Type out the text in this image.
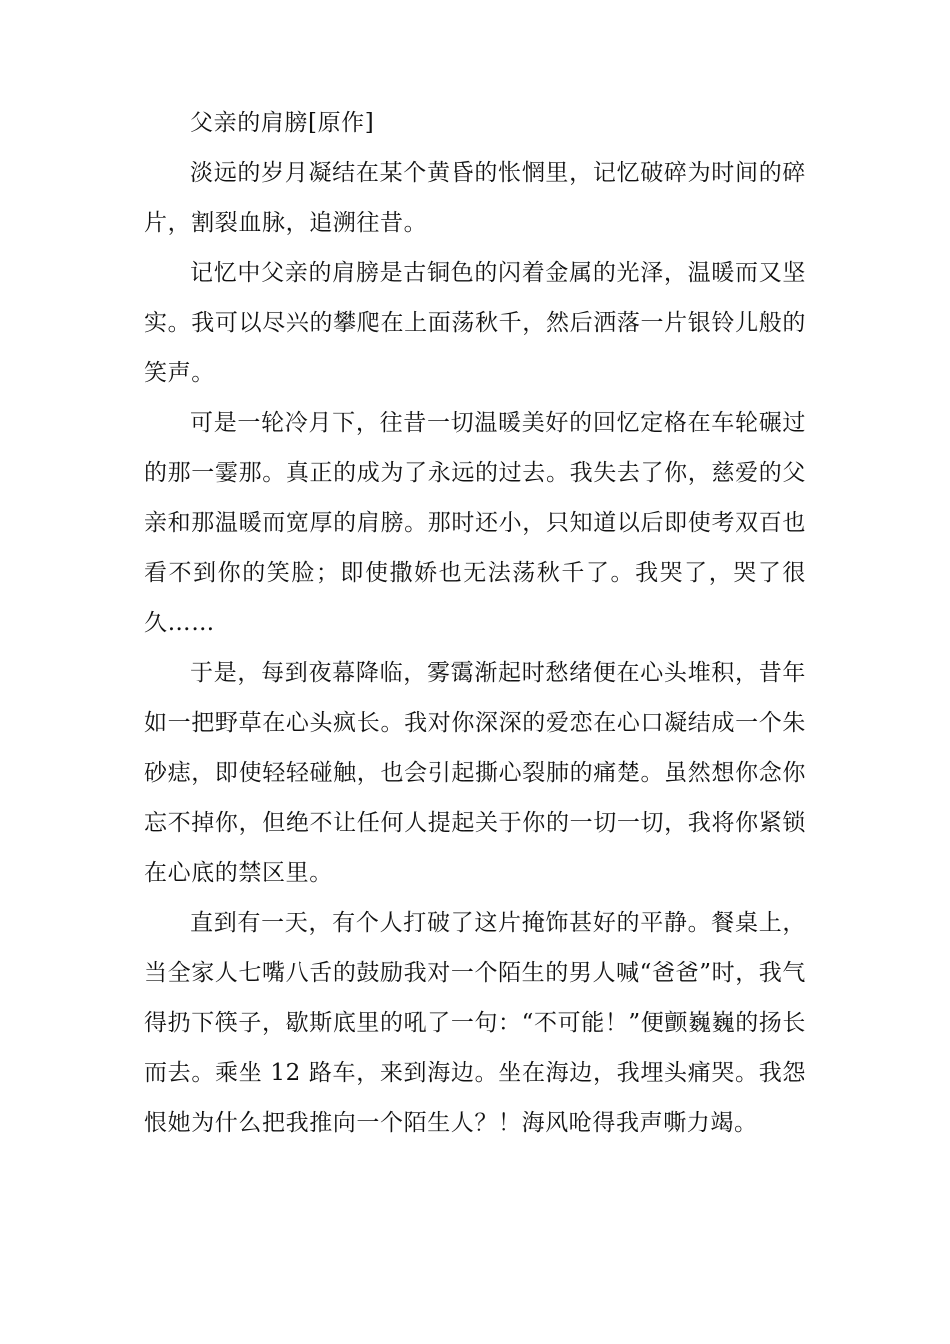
父亲的肩膀[原作]

淡远的岁月凝结在某个黄昏的怅惘里，记忆破碎为时间的碎片，割裂血脉，追溯往昔。

记忆中父亲的肩膀是古铜色的闪着金属的光泽，温暖而又坚实。我可以尽兴的攀爬在上面荡秋千，然后洒落一片银铃儿般的笑声。

可是一轮冷月下，往昔一切温暖美好的回忆定格在车轮碾过的那一霎那。真正的成为了永远的过去。我失去了你，慈爱的父亲和那温暖而宽厚的肩膀。那时还小，只知道以后即使考双百也看不到你的笑脸；即使撒娇也无法荡秋千了。我哭了，哭了很久……

于是，每到夜幕降临，雾霭渐起时愁绪便在心头堆积，昔年如一把野草在心头疯长。我对你深深的爱恋在心口凝结成一个朱砂痣，即使轻轻碰触，也会引起撕心裂肺的痛楚。虽然想你念你忘不掉你，但绝不让任何人提起关于你的一切一切，我将你紧锁在心底的禁区里。

直到有一天，有个人打破了这片掩饰甚好的平静。餐桌上，当全家人七嘴八舌的鼓励我对一个陌生的男人喊“爸爸”时，我气得扔下筷子，歇斯底里的吼了一句：“不可能！”便颤巍巍的扬长而去。乘坐 12 路车，来到海边。坐在海边，我埋头痛哭。我怨恨她为什么把我推向一个陌生人？！海风呛得我声嘶力竭。
